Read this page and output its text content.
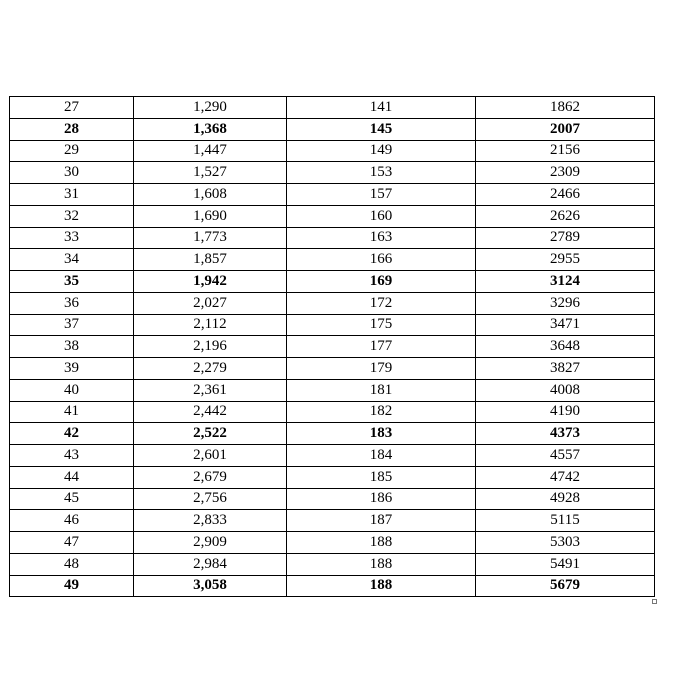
27	1,290	141	1862
28	1,368	145	2007
29	1,447	149	2156
30	1,527	153	2309
31	1,608	157	2466
32	1,690	160	2626
33	1,773	163	2789
34	1,857	166	2955
35	1,942	169	3124
36	2,027	172	3296
37	2,112	175	3471
38	2,196	177	3648
39	2,279	179	3827
40	2,361	181	4008
41	2,442	182	4190
42	2,522	183	4373
43	2,601	184	4557
44	2,679	185	4742
45	2,756	186	4928
46	2,833	187	5115
47	2,909	188	5303
48	2,984	188	5491
49	3,058	188	5679
